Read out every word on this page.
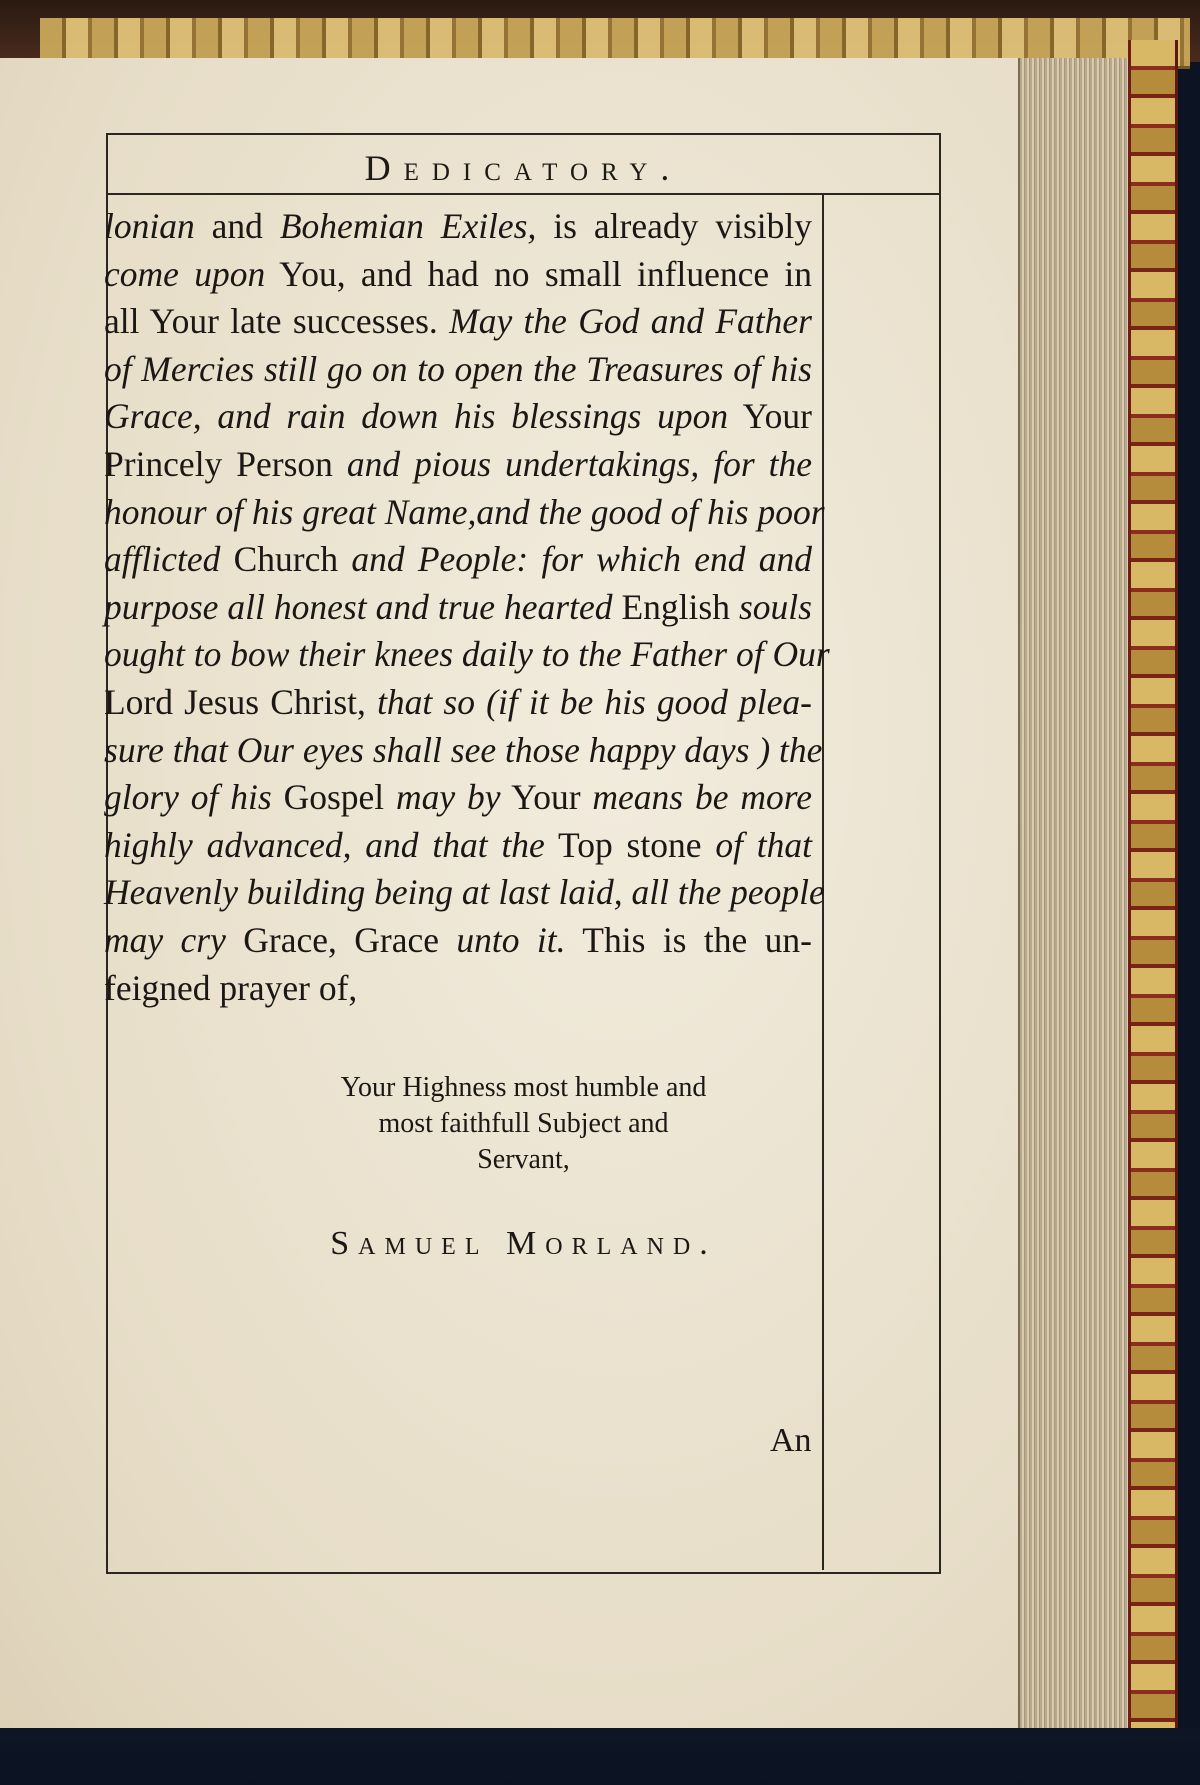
Dedicatory.
lonian and Bohemian Exiles, is already visibly
come upon You, and had no small influence in
all Your late successes. May the God and Father
of Mercies still go on to open the Treasures of his
Grace, and rain down his blessings upon Your
Princely Person and pious undertakings, for the
honour of his great Name,and the good of his poor
afflicted Church and People: for which end and
purpose all honest and true hearted English souls
ought to bow their knees daily to the Father of Our
Lord Jesus Christ, that so (if it be his good plea-
sure that Our eyes shall see those happy days ) the
glory of his Gospel may by Your means be more
highly advanced, and that the Top stone of that
Heavenly building being at last laid, all the people
may cry Grace, Grace unto it. This is the un-
feigned prayer of,
Your Highness most humble and
most faithfull Subject and
Servant,
Samuel Morland.
An
